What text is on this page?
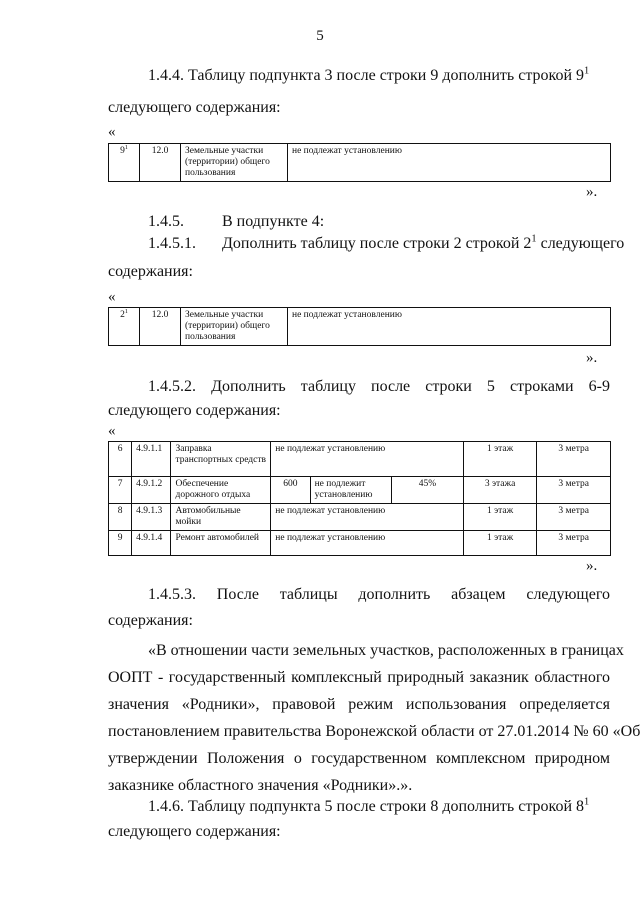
5
1.4.4. Таблицу подпункта 3 после строки 9 дополнить строкой $9^1$
следующего содержания:
«
$9^1$	12.0	Земельные участки (территории) общего пользования	не подлежат установлению
».
1.4.5. В подпункте 4:
1.4.5.1. Дополнить таблицу после строки 2 строкой $2^1$ следующего
содержания:
«
$2^1$	12.0	Земельные участки (территории) общего пользования	не подлежат установлению
».
1.4.5.2. Дополнить таблицу после строки 5 строками 6-9
следующего содержания:
«
6	4.9.1.1	Заправка транспортных средств	не подлежат установлению			1 этаж	3 метра
7	4.9.1.2	Обеспечение дорожного отдыха	600	не подлежит установлению	45%	3 этажа	3 метра
8	4.9.1.3	Автомобильные мойки	не подлежат установлению			1 этаж	3 метра
9	4.9.1.4	Ремонт автомобилей	не подлежат установлению			1 этаж	3 метра
».
1.4.5.3. После таблицы дополнить абзацем следующего
содержания:
«В отношении части земельных участков, расположенных в границах
ООПТ - государственный комплексный природный заказник областного
значения «Родники», правовой режим использования определяется
постановлением правительства Воронежской области от 27.01.2014 № 60 «Об
утверждении Положения о государственном комплексном природном
заказнике областного значения «Родники».».
1.4.6. Таблицу подпункта 5 после строки 8 дополнить строкой $8^1$
следующего содержания:
